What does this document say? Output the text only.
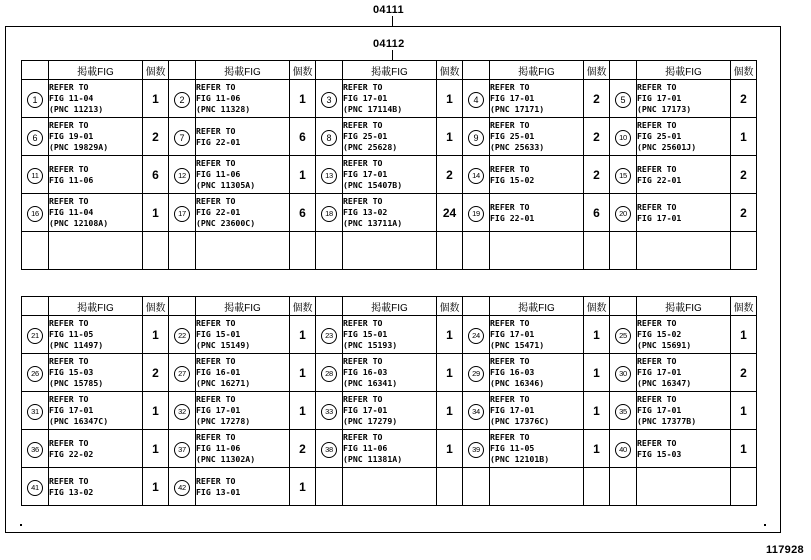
04111
04112
	掲載FIG	個数		掲載FIG	個数		掲載FIG	個数		掲載FIG	個数		掲載FIG	個数
1	REFER TO
FIG 11-04
(PNC 11213)	1	2	REFER TO
FIG 11-06
(PNC 11328)	1	3	REFER TO
FIG 17-01
(PNC 17114B)	1	4	REFER TO
FIG 17-01
(PNC 17171)	2	5	REFER TO
FIG 17-01
(PNC 17173)	2
6	REFER TO
FIG 19-01
(PNC 19829A)	2	7	REFER TO
FIG 22-01	6	8	REFER TO
FIG 25-01
(PNC 25628)	1	9	REFER TO
FIG 25-01
(PNC 25633)	2	10	REFER TO
FIG 25-01
(PNC 25601J)	1
11	REFER TO
FIG 11-06	6	12	REFER TO
FIG 11-06
(PNC 11305A)	1	13	REFER TO
FIG 17-01
(PNC 15407B)	2	14	REFER TO
FIG 15-02	2	15	REFER TO
FIG 22-01	2
16	REFER TO
FIG 11-04
(PNC 12108A)	1	17	REFER TO
FIG 22-01
(PNC 23600C)	6	18	REFER TO
FIG 13-02
(PNC 13711A)	24	19	REFER TO
FIG 22-01	6	20	REFER TO
FIG 17-01	2

	掲載FIG	個数		掲載FIG	個数		掲載FIG	個数		掲載FIG	個数		掲載FIG	個数
21	REFER TO
FIG 11-05
(PNC 11497)	1	22	REFER TO
FIG 15-01
(PNC 15149)	1	23	REFER TO
FIG 15-01
(PNC 15193)	1	24	REFER TO
FIG 17-01
(PNC 15471)	1	25	REFER TO
FIG 15-02
(PNC 15691)	1
26	REFER TO
FIG 15-03
(PNC 15785)	2	27	REFER TO
FIG 16-01
(PNC 16271)	1	28	REFER TO
FIG 16-03
(PNC 16341)	1	29	REFER TO
FIG 16-03
(PNC 16346)	1	30	REFER TO
FIG 17-01
(PNC 16347)	2
31	REFER TO
FIG 17-01
(PNC 16347C)	1	32	REFER TO
FIG 17-01
(PNC 17278)	1	33	REFER TO
FIG 17-01
(PNC 17279)	1	34	REFER TO
FIG 17-01
(PNC 17376C)	1	35	REFER TO
FIG 17-01
(PNC 17377B)	1
36	REFER TO
FIG 22-02	1	37	REFER TO
FIG 11-06
(PNC 11302A)	2	38	REFER TO
FIG 11-06
(PNC 11381A)	1	39	REFER TO
FIG 11-05
(PNC 12101B)	1	40	REFER TO
FIG 15-03	1
41	REFER TO
FIG 13-02	1	42	REFER TO
FIG 13-01	1									
117928
